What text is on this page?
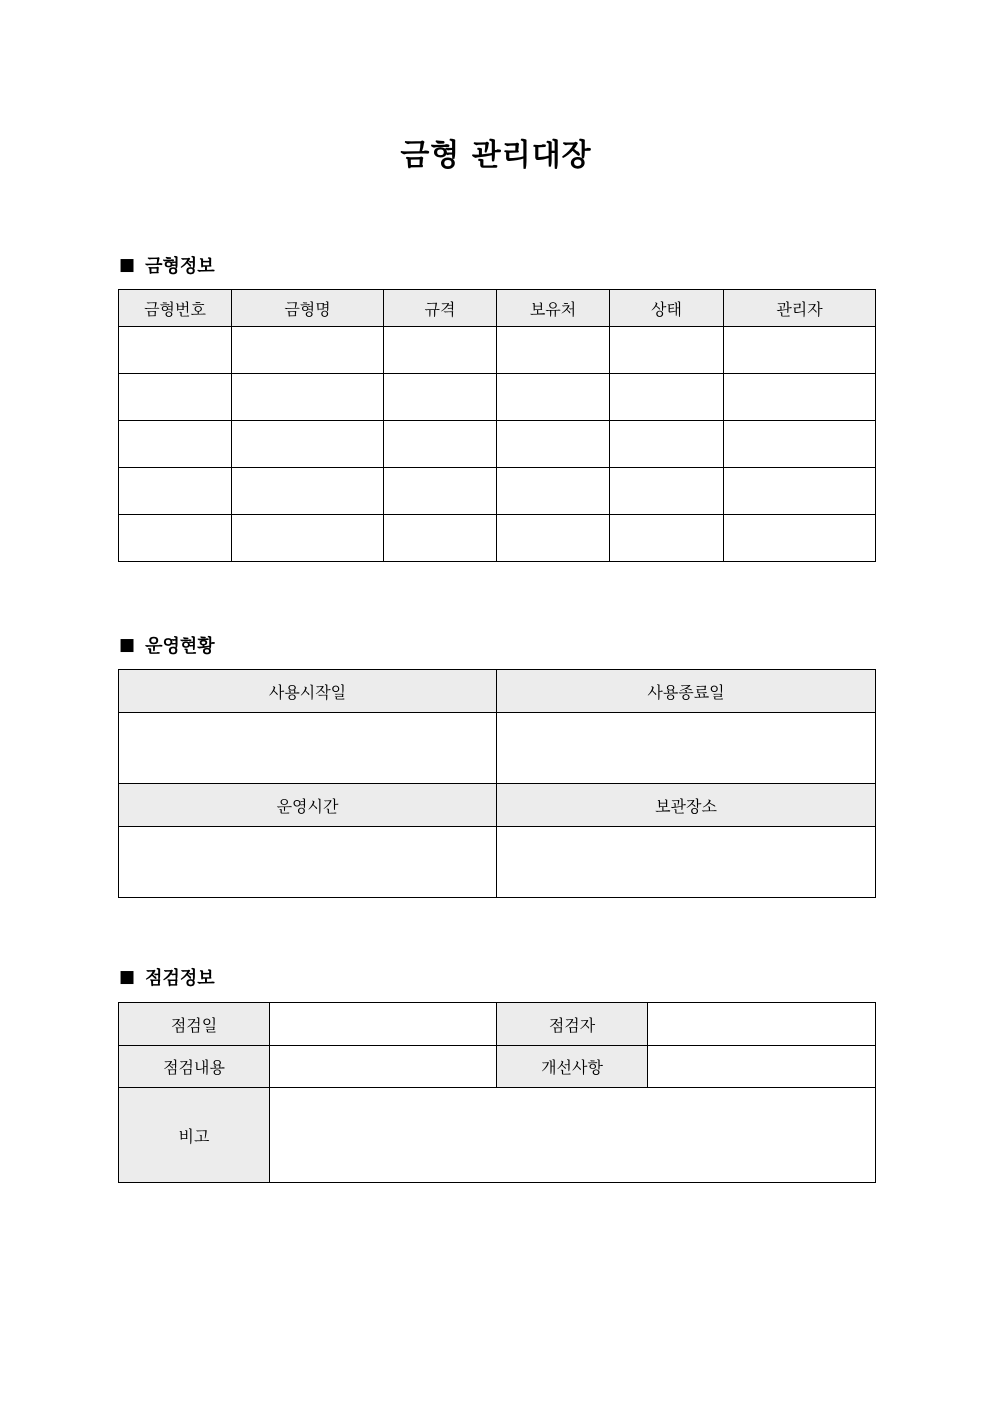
금형 관리대장
■ 금형정보
금형번호	금형명	규격	보유처	상태	관리자

■ 운영현황
사용시작일	사용종료일

운영시간	보관장소

■ 점검정보
점검일		점검자	
점검내용		개선사항	
비고			
